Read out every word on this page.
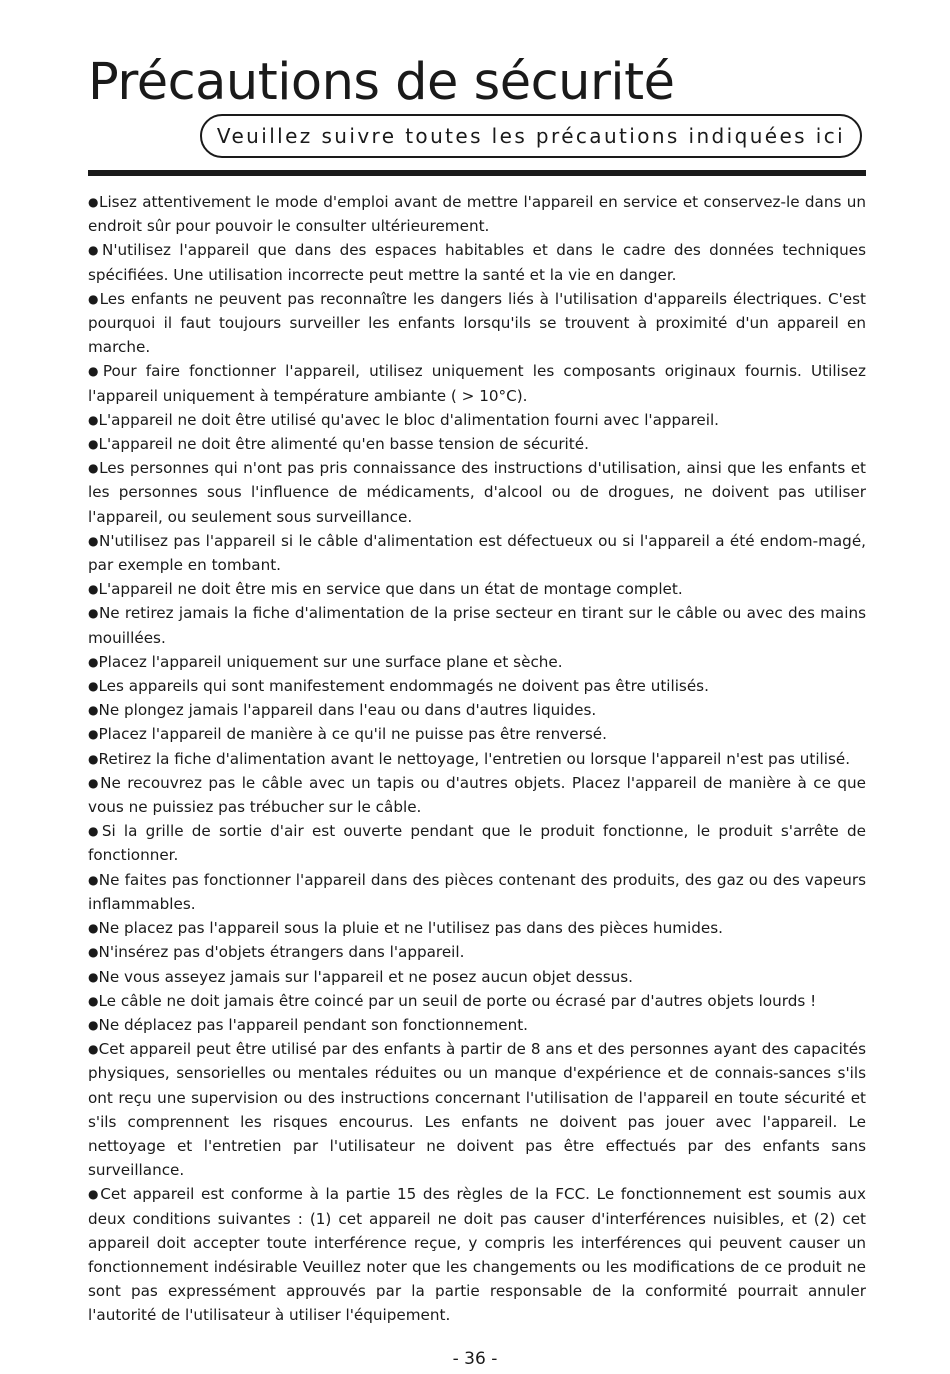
Précautions de sécurité
Veuillez suivre toutes les précautions indiquées ici
●Lisez attentivement le mode d'emploi avant de mettre l'appareil en service et conservez-le dans un endroit sûr pour pouvoir le consulter ultérieurement.
●N'utilisez l'appareil que dans des espaces habitables et dans le cadre des données techniques spécifiées. Une utilisation incorrecte peut mettre la santé et la vie en danger.
●Les enfants ne peuvent pas reconnaître les dangers liés à l'utilisation d'appareils électriques. C'est pourquoi il faut toujours surveiller les enfants lorsqu'ils se trouvent à proximité d'un appareil en marche.
●Pour faire fonctionner l'appareil, utilisez uniquement les composants originaux fournis. Utilisez l'appareil uniquement à température ambiante ( > 10°C).
●L'appareil ne doit être utilisé qu'avec le bloc d'alimentation fourni avec l'appareil.
●L'appareil ne doit être alimenté qu'en basse tension de sécurité.
●Les personnes qui n'ont pas pris connaissance des instructions d'utilisation, ainsi que les enfants et les personnes sous l'influence de médicaments, d'alcool ou de drogues, ne doivent pas utiliser l'appareil, ou seulement sous surveillance.
●N'utilisez pas l'appareil si le câble d'alimentation est défectueux ou si l'appareil a été endom-magé, par exemple en tombant.
●L'appareil ne doit être mis en service que dans un état de montage complet.
●Ne retirez jamais la fiche d'alimentation de la prise secteur en tirant sur le câble ou avec des mains mouillées.
●Placez l'appareil uniquement sur une surface plane et sèche.
●Les appareils qui sont manifestement endommagés ne doivent pas être utilisés.
●Ne plongez jamais l'appareil dans l'eau ou dans d'autres liquides.
●Placez l'appareil de manière à ce qu'il ne puisse pas être renversé.
●Retirez la fiche d'alimentation avant le nettoyage, l'entretien ou lorsque l'appareil n'est pas utilisé.
●Ne recouvrez pas le câble avec un tapis ou d'autres objets. Placez l'appareil de manière à ce que vous ne puissiez pas trébucher sur le câble.
●Si la grille de sortie d'air est ouverte pendant que le produit fonctionne, le produit s'arrête de fonctionner.
●Ne faites pas fonctionner l'appareil dans des pièces contenant des produits, des gaz ou des vapeurs inflammables.
●Ne placez pas l'appareil sous la pluie et ne l'utilisez pas dans des pièces humides.
●N'insérez pas d'objets étrangers dans l'appareil.
●Ne vous asseyez jamais sur l'appareil et ne posez aucun objet dessus.
●Le câble ne doit jamais être coincé par un seuil de porte ou écrasé par d'autres objets lourds !
●Ne déplacez pas l'appareil pendant son fonctionnement.
●Cet appareil peut être utilisé par des enfants à partir de 8 ans et des personnes ayant des capacités physiques, sensorielles ou mentales réduites ou un manque d'expérience et de connais-sances s'ils ont reçu une supervision ou des instructions concernant l'utilisation de l'appareil en toute sécurité et s'ils comprennent les risques encourus. Les enfants ne doivent pas jouer avec l'appareil. Le nettoyage et l'entretien par l'utilisateur ne doivent pas être effectués par des enfants sans surveillance.
●Cet appareil est conforme à la partie 15 des règles de la FCC. Le fonctionnement est soumis aux deux conditions suivantes : (1) cet appareil ne doit pas causer d'interférences nuisibles, et (2) cet appareil doit accepter toute interférence reçue, y compris les interférences qui peuvent causer un fonctionnement indésirable Veuillez noter que les changements ou les modifications de ce produit ne sont pas expressément approuvés par la partie responsable de la conformité pourrait annuler l'autorité de l'utilisateur à utiliser l'équipement.
- 36 -
